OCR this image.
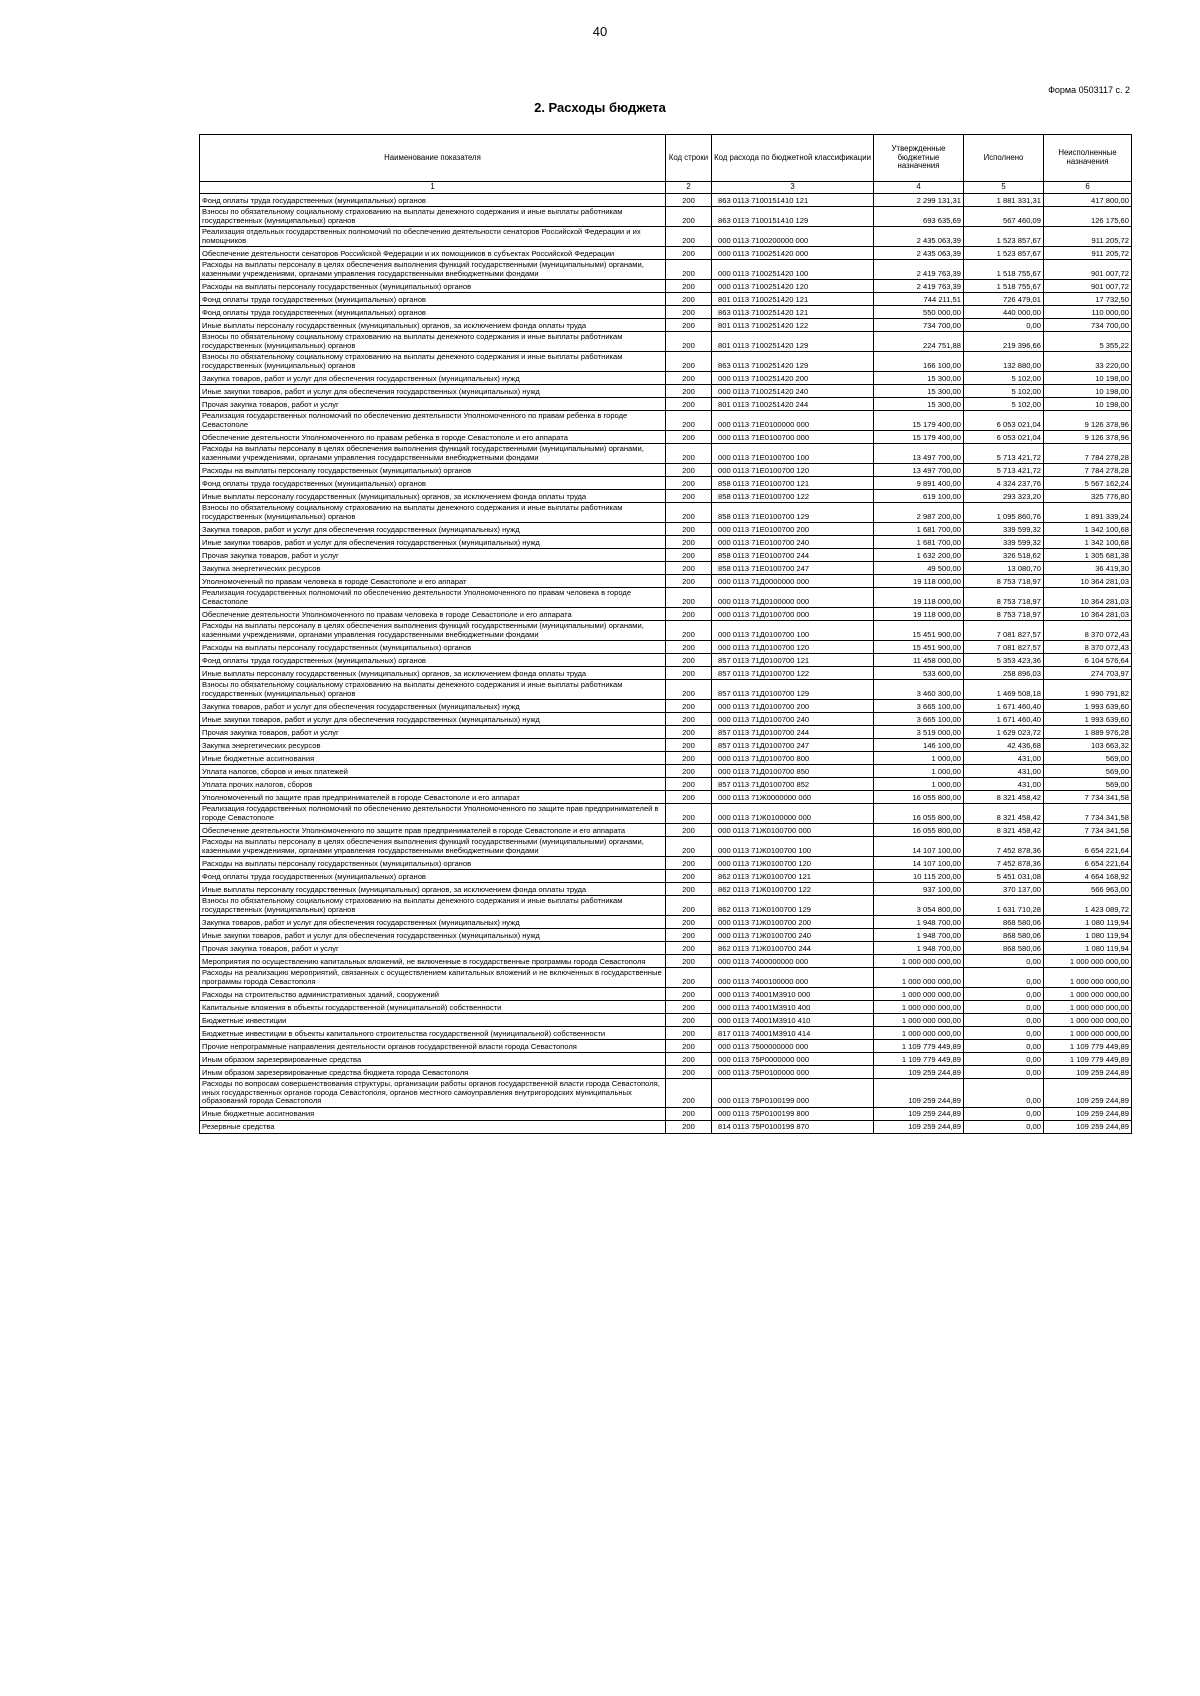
40
Форма 0503117 с. 2
2. Расходы бюджета
Наименование показателя	Код строки	Код расхода по бюджетной классификации	Утвержденные бюджетные назначения	Исполнено	Неисполненные назначения
1	2	3	4	5	6
Фонд оплаты труда государственных (муниципальных) органов	200	863 0113 7100151410 121	2 299 131,31	1 881 331,31	417 800,00
Взносы по обязательному социальному страхованию на выплаты денежного содержания и иные выплаты работникам государственных (муниципальных) органов	200	863 0113 7100151410 129	693 635,69	567 460,09	126 175,60
Реализация отдельных государственных полномочий по обеспечению деятельности сенаторов Российской Федерации и их помощников	200	000 0113 7100200000 000	2 435 063,39	1 523 857,67	911 205,72
Обеспечение деятельности сенаторов Российской Федерации и их помощников в субъектах Российской Федерации	200	000 0113 7100251420 000	2 435 063,39	1 523 857,67	911 205,72
Расходы на выплаты персоналу в целях обеспечения выполнения функций государственными (муниципальными) органами, казенными учреждениями, органами управления государственными внебюджетными фондами	200	000 0113 7100251420 100	2 419 763,39	1 518 755,67	901 007,72
Расходы на выплаты персоналу государственных (муниципальных) органов	200	000 0113 7100251420 120	2 419 763,39	1 518 755,67	901 007,72
Фонд оплаты труда государственных (муниципальных) органов	200	801 0113 7100251420 121	744 211,51	726 479,01	17 732,50
Фонд оплаты труда государственных (муниципальных) органов	200	863 0113 7100251420 121	550 000,00	440 000,00	110 000,00
Иные выплаты персоналу государственных (муниципальных) органов, за исключением фонда оплаты труда	200	801 0113 7100251420 122	734 700,00	0,00	734 700,00
Взносы по обязательному социальному страхованию на выплаты денежного содержания и иные выплаты работникам государственных (муниципальных) органов	200	801 0113 7100251420 129	224 751,88	219 396,66	5 355,22
Взносы по обязательному социальному страхованию на выплаты денежного содержания и иные выплаты работникам государственных (муниципальных) органов	200	863 0113 7100251420 129	166 100,00	132 880,00	33 220,00
Закупка товаров, работ и услуг для обеспечения государственных (муниципальных) нужд	200	000 0113 7100251420 200	15 300,00	5 102,00	10 198,00
Иные закупки товаров, работ и услуг для обеспечения государственных (муниципальных) нужд	200	000 0113 7100251420 240	15 300,00	5 102,00	10 198,00
Прочая закупка товаров, работ и услуг	200	801 0113 7100251420 244	15 300,00	5 102,00	10 198,00
Реализация государственных полномочий по обеспечению деятельности Уполномоченного по правам ребенка в городе Севастополе	200	000 0113 71Е0100000 000	15 179 400,00	6 053 021,04	9 126 378,96
Обеспечение деятельности Уполномоченного по правам ребенка в городе Севастополе и его аппарата	200	000 0113 71Е0100700 000	15 179 400,00	6 053 021,04	9 126 378,96
Расходы на выплаты персоналу в целях обеспечения выполнения функций государственными (муниципальными) органами, казенными учреждениями, органами управления государственными внебюджетными фондами	200	000 0113 71Е0100700 100	13 497 700,00	5 713 421,72	7 784 278,28
Расходы на выплаты персоналу государственных (муниципальных) органов	200	000 0113 71Е0100700 120	13 497 700,00	5 713 421,72	7 784 278,28
Фонд оплаты труда государственных (муниципальных) органов	200	858 0113 71Е0100700 121	9 891 400,00	4 324 237,76	5 567 162,24
Иные выплаты персоналу государственных (муниципальных) органов, за исключением фонда оплаты труда	200	858 0113 71Е0100700 122	619 100,00	293 323,20	325 776,80
Взносы по обязательному социальному страхованию на выплаты денежного содержания и иные выплаты работникам государственных (муниципальных) органов	200	858 0113 71Е0100700 129	2 987 200,00	1 095 860,76	1 891 339,24
Закупка товаров, работ и услуг для обеспечения государственных (муниципальных) нужд	200	000 0113 71Е0100700 200	1 681 700,00	339 599,32	1 342 100,68
Иные закупки товаров, работ и услуг для обеспечения государственных (муниципальных) нужд	200	000 0113 71Е0100700 240	1 681 700,00	339 599,32	1 342 100,68
Прочая закупка товаров, работ и услуг	200	858 0113 71Е0100700 244	1 632 200,00	326 518,62	1 305 681,38
Закупка энергетических ресурсов	200	858 0113 71Е0100700 247	49 500,00	13 080,70	36 419,30
Уполномоченный по правам человека в городе Севастополе и его аппарат	200	000 0113 71Д0000000 000	19 118 000,00	8 753 718,97	10 364 281,03
Реализация государственных полномочий по обеспечению деятельности Уполномоченного по правам человека в городе Севастополе	200	000 0113 71Д0100000 000	19 118 000,00	8 753 718,97	10 364 281,03
Обеспечение деятельности Уполномоченного по правам человека в городе Севастополе и его аппарата	200	000 0113 71Д0100700 000	19 118 000,00	8 753 718,97	10 364 281,03
Расходы на выплаты персоналу в целях обеспечения выполнения функций государственными (муниципальными) органами, казенными учреждениями, органами управления государственными внебюджетными фондами	200	000 0113 71Д0100700 100	15 451 900,00	7 081 827,57	8 370 072,43
Расходы на выплаты персоналу государственных (муниципальных) органов	200	000 0113 71Д0100700 120	15 451 900,00	7 081 827,57	8 370 072,43
Фонд оплаты труда государственных (муниципальных) органов	200	857 0113 71Д0100700 121	11 458 000,00	5 353 423,36	6 104 576,64
Иные выплаты персоналу государственных (муниципальных) органов, за исключением фонда оплаты труда	200	857 0113 71Д0100700 122	533 600,00	258 896,03	274 703,97
Взносы по обязательному социальному страхованию на выплаты денежного содержания и иные выплаты работникам государственных (муниципальных) органов	200	857 0113 71Д0100700 129	3 460 300,00	1 469 508,18	1 990 791,82
Закупка товаров, работ и услуг для обеспечения государственных (муниципальных) нужд	200	000 0113 71Д0100700 200	3 665 100,00	1 671 460,40	1 993 639,60
Иные закупки товаров, работ и услуг для обеспечения государственных (муниципальных) нужд	200	000 0113 71Д0100700 240	3 665 100,00	1 671 460,40	1 993 639,60
Прочая закупка товаров, работ и услуг	200	857 0113 71Д0100700 244	3 519 000,00	1 629 023,72	1 889 976,28
Закупка энергетических ресурсов	200	857 0113 71Д0100700 247	146 100,00	42 436,68	103 663,32
Иные бюджетные ассигнования	200	000 0113 71Д0100700 800	1 000,00	431,00	569,00
Уплата налогов, сборов и иных платежей	200	000 0113 71Д0100700 850	1 000,00	431,00	569,00
Уплата прочих налогов, сборов	200	857 0113 71Д0100700 852	1 000,00	431,00	569,00
Уполномоченный по защите прав предпринимателей в городе Севастополе и его аппарат	200	000 0113 71Ж0000000 000	16 055 800,00	8 321 458,42	7 734 341,58
Реализация государственных полномочий по обеспечению деятельности Уполномоченного по защите прав предпринимателей в городе Севастополе	200	000 0113 71Ж0100000 000	16 055 800,00	8 321 458,42	7 734 341,58
Обеспечение деятельности Уполномоченного по защите прав предпринимателей в городе Севастополе и его аппарата	200	000 0113 71Ж0100700 000	16 055 800,00	8 321 458,42	7 734 341,58
Расходы на выплаты персоналу в целях обеспечения выполнения функций государственными (муниципальными) органами, казенными учреждениями, органами управления государственными внебюджетными фондами	200	000 0113 71Ж0100700 100	14 107 100,00	7 452 878,36	6 654 221,64
Расходы на выплаты персоналу государственных (муниципальных) органов	200	000 0113 71Ж0100700 120	14 107 100,00	7 452 878,36	6 654 221,64
Фонд оплаты труда государственных (муниципальных) органов	200	862 0113 71Ж0100700 121	10 115 200,00	5 451 031,08	4 664 168,92
Иные выплаты персоналу государственных (муниципальных) органов, за исключением фонда оплаты труда	200	862 0113 71Ж0100700 122	937 100,00	370 137,00	566 963,00
Взносы по обязательному социальному страхованию на выплаты денежного содержания и иные выплаты работникам государственных (муниципальных) органов	200	862 0113 71Ж0100700 129	3 054 800,00	1 631 710,28	1 423 089,72
Закупка товаров, работ и услуг для обеспечения государственных (муниципальных) нужд	200	000 0113 71Ж0100700 200	1 948 700,00	868 580,06	1 080 119,94
Иные закупки товаров, работ и услуг для обеспечения государственных (муниципальных) нужд	200	000 0113 71Ж0100700 240	1 948 700,00	868 580,06	1 080 119,94
Прочая закупка товаров, работ и услуг	200	862 0113 71Ж0100700 244	1 948 700,00	868 580,06	1 080 119,94
Мероприятия по осуществлению капитальных вложений, не включенные в государственные программы города Севастополя	200	000 0113 7400000000 000	1 000 000 000,00	0,00	1 000 000 000,00
Расходы на реализацию мероприятий, связанных с осуществлением капитальных вложений и не включенных в государственные программы города Севастополя	200	000 0113 7400100000 000	1 000 000 000,00	0,00	1 000 000 000,00
Расходы на строительство административных зданий, сооружений	200	000 0113 74001М3910 000	1 000 000 000,00	0,00	1 000 000 000,00
Капитальные вложения в объекты государственной (муниципальной) собственности	200	000 0113 74001М3910 400	1 000 000 000,00	0,00	1 000 000 000,00
Бюджетные инвестиции	200	000 0113 74001М3910 410	1 000 000 000,00	0,00	1 000 000 000,00
Бюджетные инвестиции в объекты капитального строительства государственной (муниципальной) собственности	200	817 0113 74001М3910 414	1 000 000 000,00	0,00	1 000 000 000,00
Прочие непрограммные направления деятельности органов государственной власти города Севастополя	200	000 0113 7500000000 000	1 109 779 449,89	0,00	1 109 779 449,89
Иным образом зарезервированные средства	200	000 0113 75Р0000000 000	1 109 779 449,89	0,00	1 109 779 449,89
Иным образом зарезервированные средства бюджета города Севастополя	200	000 0113 75Р0100000 000	109 259 244,89	0,00	109 259 244,89
Расходы по вопросам совершенствования структуры, организации работы органов государственной власти города Севастополя, иных государственных органов города Севастополя, органов местного самоуправления внутригородских муниципальных образований города Севастополя	200	000 0113 75Р0100199 000	109 259 244,89	0,00	109 259 244,89
Иные бюджетные ассигнования	200	000 0113 75Р0100199 800	109 259 244,89	0,00	109 259 244,89
Резервные средства	200	814 0113 75Р0100199 870	109 259 244,89	0,00	109 259 244,89
